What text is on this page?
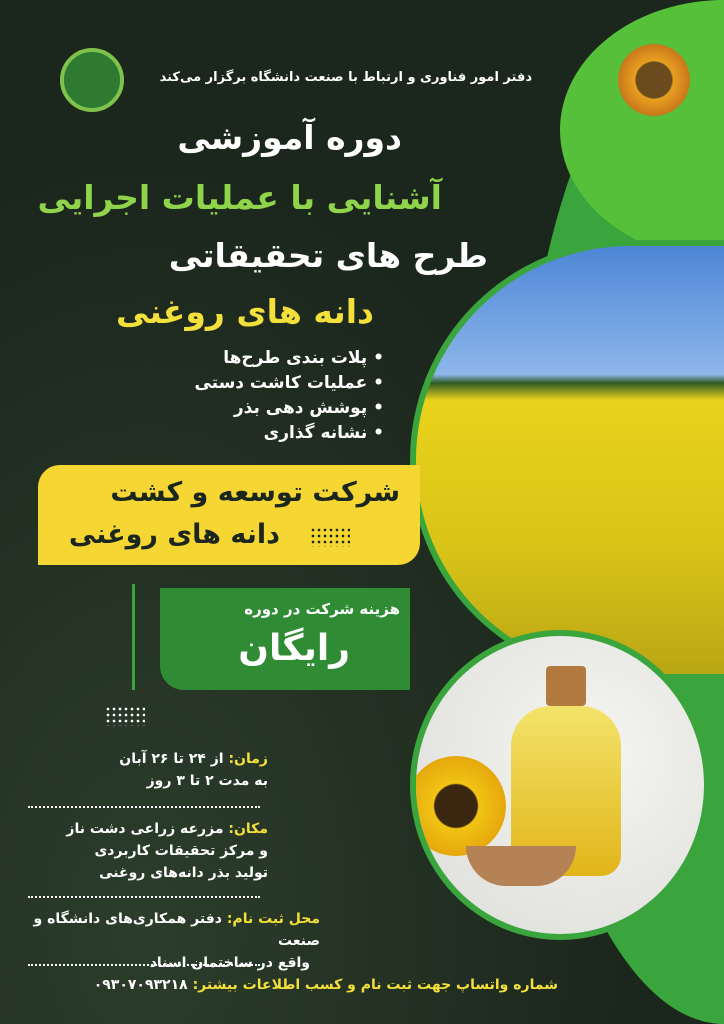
دفتر امور فناوری و ارتباط با صنعت دانشگاه برگزار می‌کند
دوره آموزشی
آشنایی با عملیات اجرایی
طرح های تحقیقاتی
دانه های روغنی
• پلات بندی طرح‌ها
• عملیات کاشت دستی
• پوشش دهی بذر
• نشانه گذاری
شرکت توسعه و کشت
دانه های روغنی
هزینه شرکت در دوره
رایگان
زمان: از ۲۴ تا ۲۶ آبان
به مدت ۲ تا ۳ روز
مکان: مزرعه زراعی دشت ناز
و مرکز تحقیقات کاربردی
تولید بذر دانه‌های روغنی
محل ثبت نام: دفتر همکاری‌های دانشگاه و صنعت
واقع در ساختمان اسناد
شماره واتساپ جهت ثبت نام و کسب اطلاعات بیشتر: ۰۹۳۰۷۰۹۳۲۱۸
